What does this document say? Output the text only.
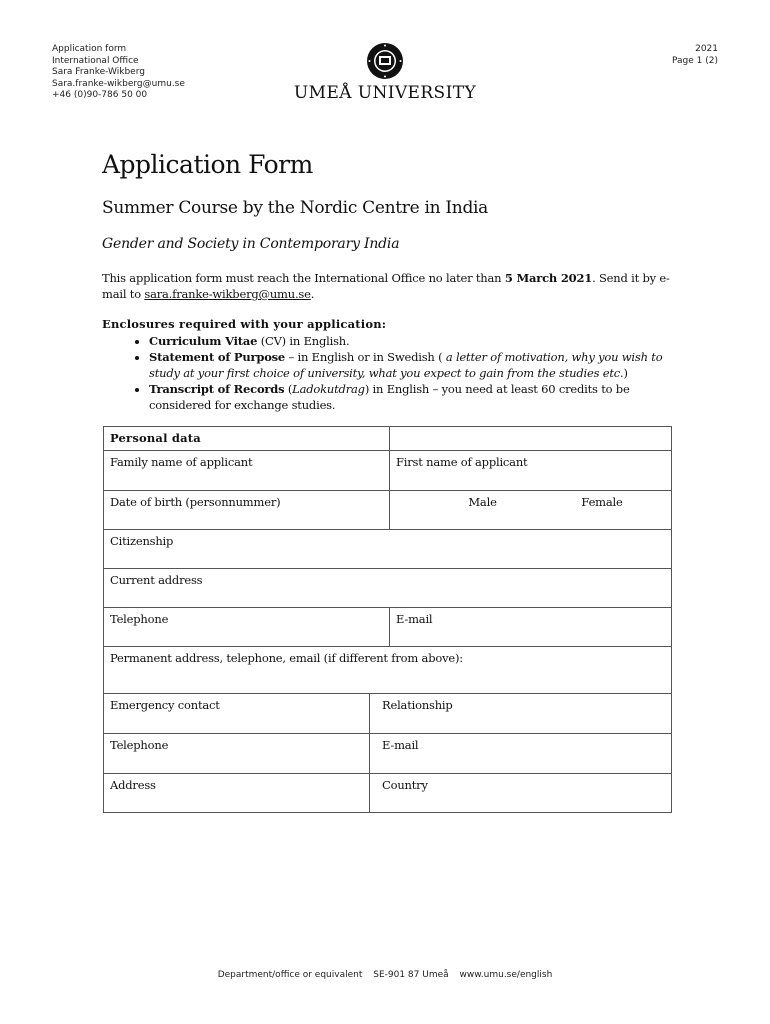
Application form
International Office
Sara Franke-Wikberg
Sara.franke-wikberg@umu.se
+46 (0)90-786 50 00	UMEÅ UNIVERSITY
2021
Page 1 (2)
Application Form
Summer Course by the Nordic Centre in India
Gender and Society in Contemporary India
This application form must reach the International Office no later than 5 March 2021. Send it by e-mail to sara.franke-wikberg@umu.se.
Enclosures required with your application:
• Curriculum Vitae (CV) in English.
• Statement of Purpose – in English or in Swedish ( a letter of motivation, why you wish to study at your first choice of university, what you expect to gain from the studies etc.)
• Transcript of Records (Ladokutdrag) in English – you need at least 60 credits to be considered for exchange studies.
Personal data		
Family name of applicant		First name of applicant
Date of birth (personnummer)		Male Female

Citizenship		
Current address		
Telephone		E-mail
Permanent address, telephone, email (if different from above):		
Emergency contact	Relationship	
Telephone	E-mail	
Address	Country	
Department/office or equivalent SE-901 87 Umeå www.umu.se/english
